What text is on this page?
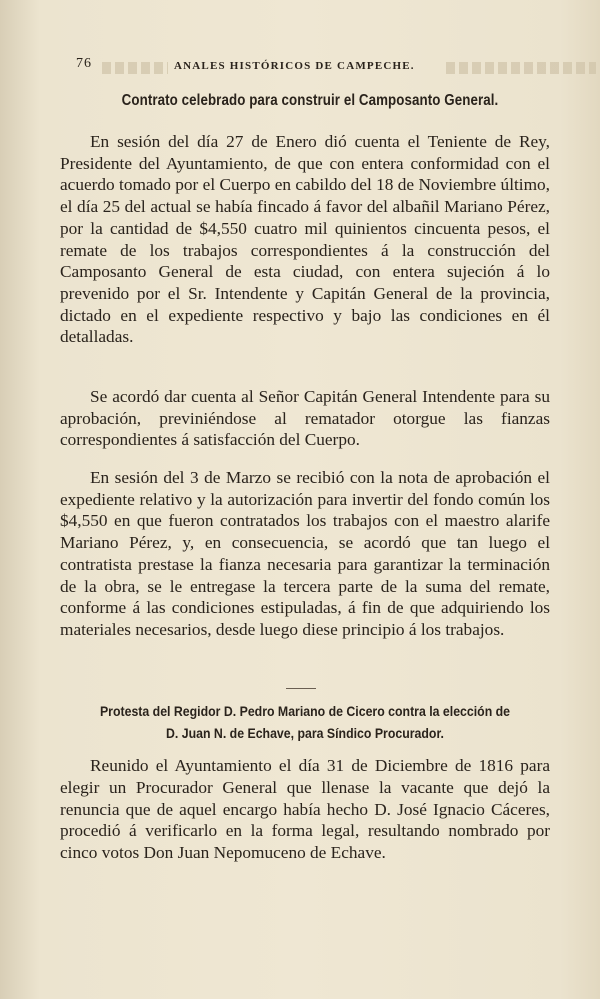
76	ANALES HISTÓRICOS DE CAMPECHE.
Contrato celebrado para construir el Camposanto General.

En sesión del día 27 de Enero dió cuenta el Teniente de Rey, Presidente del Ayuntamiento, de que con entera conformidad con el acuerdo tomado por el Cuerpo en cabildo del 18 de Noviembre último, el día 25 del actual se había fincado á favor del albañil Mariano Pérez, por la cantidad de $4,550 cuatro mil quinientos cincuenta pesos, el remate de los trabajos correspondientes á la construcción del Camposanto General de esta ciudad, con entera sujeción á lo prevenido por el Sr. Intendente y Capitán General de la provincia, dictado en el expediente respectivo y bajo las condiciones en él detalladas.

Se acordó dar cuenta al Señor Capitán General Intendente para su aprobación, previniéndose al rematador otorgue las fianzas correspondientes á satisfacción del Cuerpo.

En sesión del 3 de Marzo se recibió con la nota de aprobación el expediente relativo y la autorización para invertir del fondo común los $4,550 en que fueron contratados los trabajos con el maestro alarife Mariano Pérez, y, en consecuencia, se acordó que tan luego el contratista prestase la fianza necesaria para garantizar la terminación de la obra, se le entregase la tercera parte de la suma del remate, conforme á las condiciones estipuladas, á fin de que adquiriendo los materiales necesarios, desde luego diese principio á los trabajos.

Protesta del Regidor D. Pedro Mariano de Cicero contra la elección de
D. Juan N. de Echave, para Síndico Procurador.

Reunido el Ayuntamiento el día 31 de Diciembre de 1816 para elegir un Procurador General que llenase la vacante que dejó la renuncia que de aquel encargo había hecho D. José Ignacio Cáceres, procedió á verificarlo en la forma legal, resultando nombrado por cinco votos Don Juan Nepomuceno de Echave.
